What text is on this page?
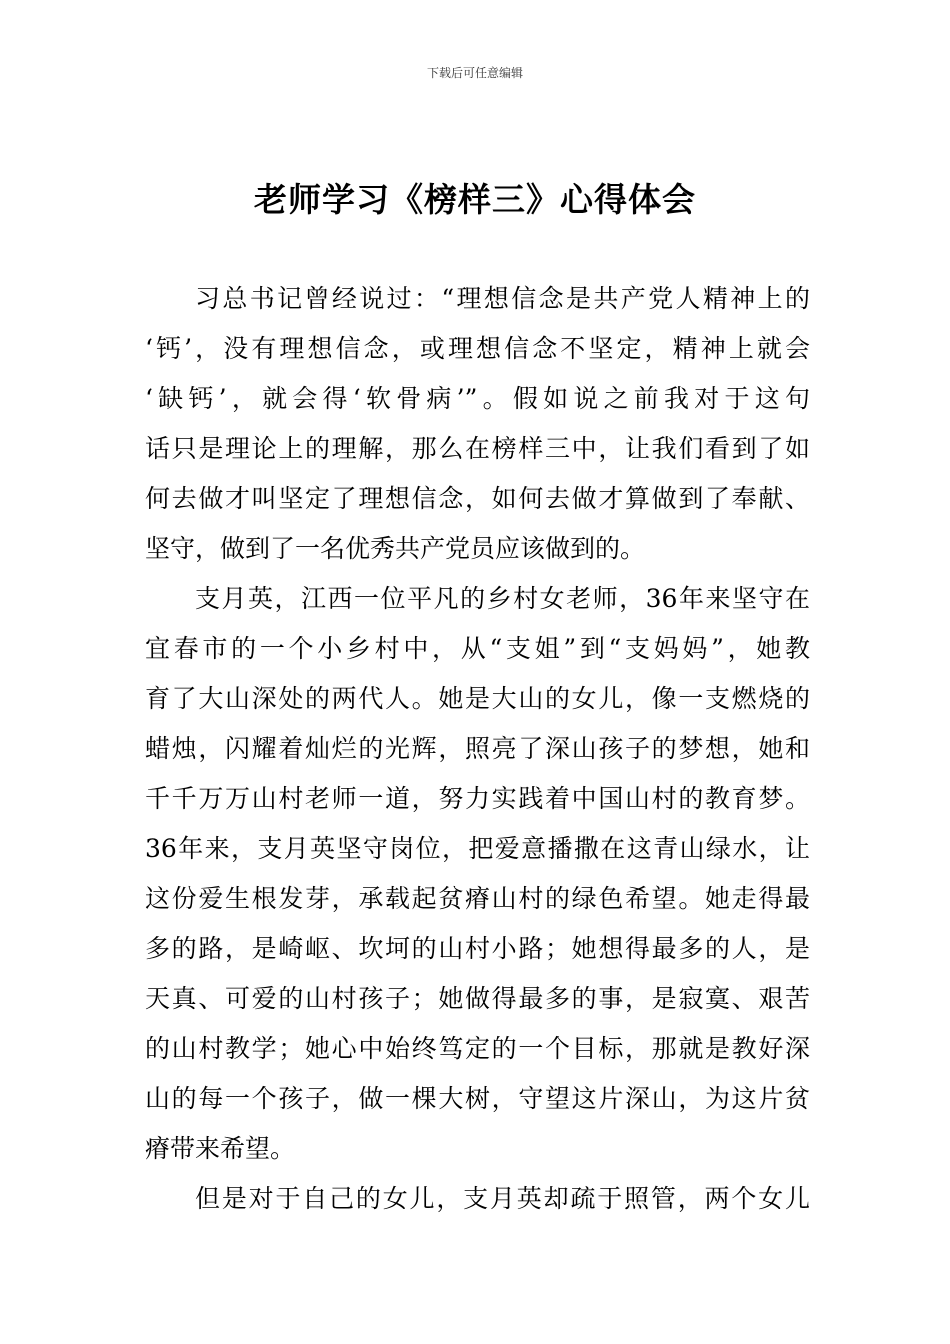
下载后可任意编辑
老师学习《榜样三》心得体会
习总书记曾经说过：“理想信念是共产党人精神上的
‘钙’，没有理想信念，或理想信念不坚定，精神上就会
‘缺钙’，就会得‘软骨病’”。假如说之前我对于这句
话只是理论上的理解，那么在榜样三中，让我们看到了如
何去做才叫坚定了理想信念，如何去做才算做到了奉献、
坚守，做到了一名优秀共产党员应该做到的。
支月英，江西一位平凡的乡村女老师，36年来坚守在
宜春市的一个小乡村中，从“支姐”到“支妈妈”，她教
育了大山深处的两代人。她是大山的女儿，像一支燃烧的
蜡烛，闪耀着灿烂的光辉，照亮了深山孩子的梦想，她和
千千万万山村老师一道，努力实践着中国山村的教育梦。
36年来，支月英坚守岗位，把爱意播撒在这青山绿水，让
这份爱生根发芽，承载起贫瘠山村的绿色希望。她走得最
多的路，是崎岖、坎坷的山村小路；她想得最多的人，是
天真、可爱的山村孩子；她做得最多的事，是寂寞、艰苦
的山村教学；她心中始终笃定的一个目标，那就是教好深
山的每一个孩子，做一棵大树，守望这片深山，为这片贫
瘠带来希望。
但是对于自己的女儿，支月英却疏于照管，两个女儿
